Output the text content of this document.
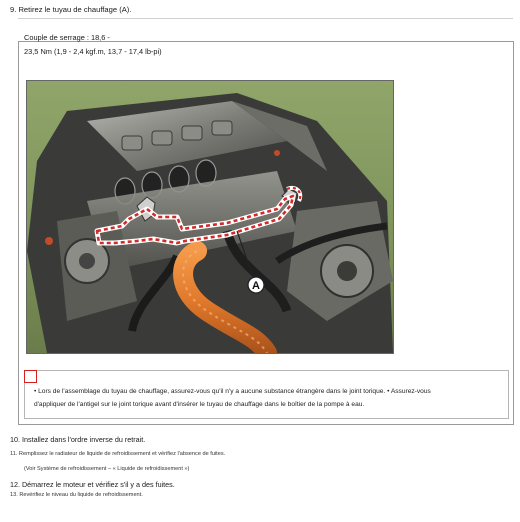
9. Retirez le tuyau de chauffage (A).
Couple de serrage : 18,6 -
23,5 Nm (1,9 - 2,4 kgf.m, 13,7 - 17,4 lb-pi)
A
• Lors de l'assemblage du tuyau de chauffage, assurez-vous qu'il n'y a aucune substance étrangère dans le joint torique. • Assurez-vous
d'appliquer de l'antigel sur le joint torique avant d'insérer le tuyau de chauffage dans le boîtier de la pompe à eau.
10. Installez dans l'ordre inverse du retrait.
11. Remplissez le radiateur de liquide de refroidissement et vérifiez l'absence de fuites.
(Voir Système de refroidissement – « Liquide de refroidissement »)
12. Démarrez le moteur et vérifiez s'il y a des fuites.
13. Revérifiez le niveau du liquide de refroidissement.
